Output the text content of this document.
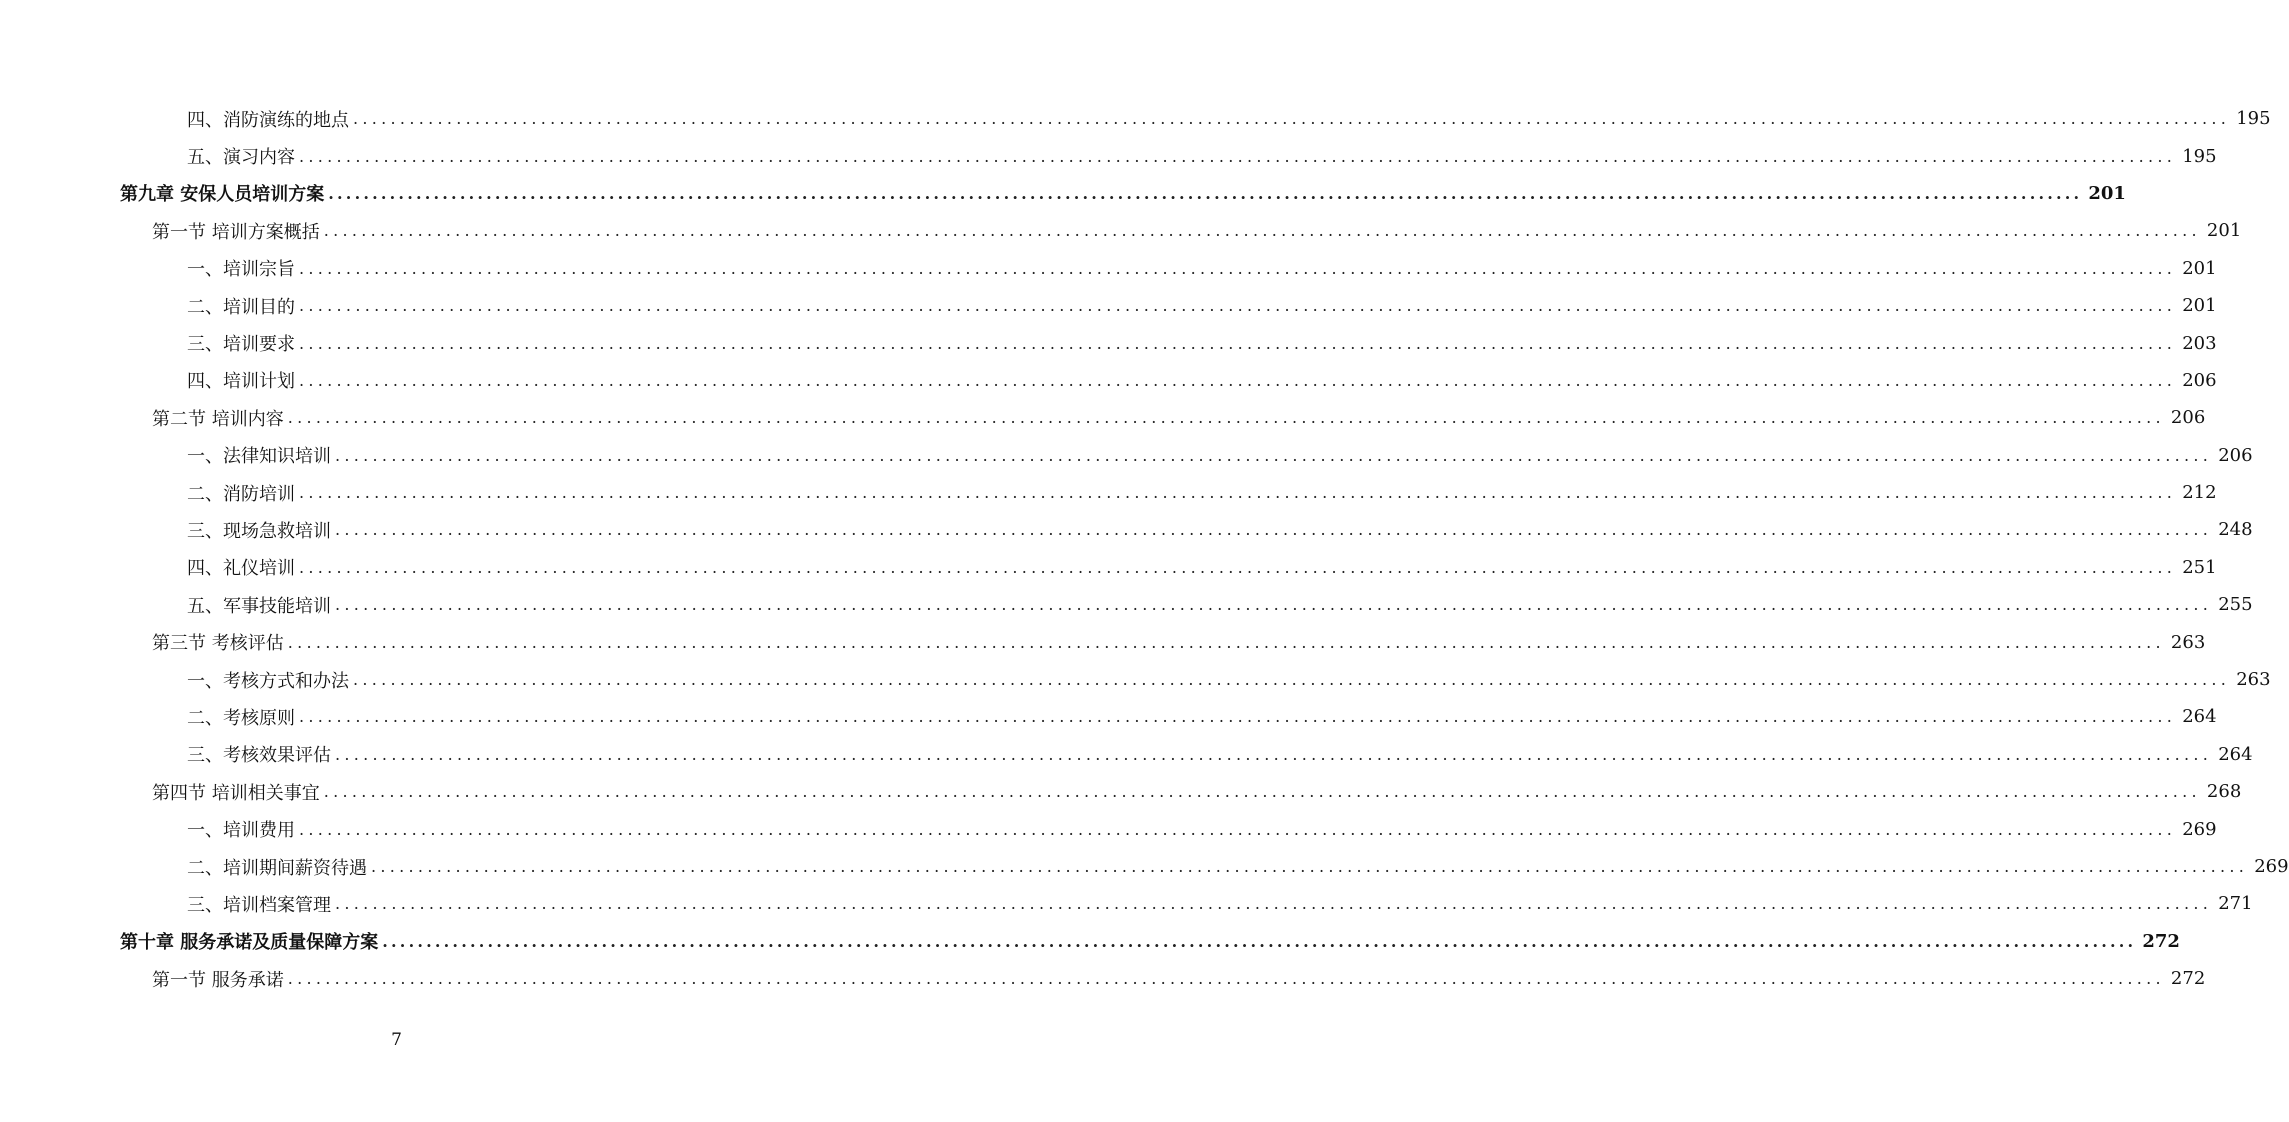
四、消防演练的地点 ........................................................................................................................................................................................................ 195
五、演习内容 ........................................................................................................................................................................................................ 195
第九章 安保人员培训方案 ........................................................................................................................................................................................................ 201
第一节 培训方案概括 ........................................................................................................................................................................................................ 201
一、培训宗旨 ........................................................................................................................................................................................................ 201
二、培训目的 ........................................................................................................................................................................................................ 201
三、培训要求 ........................................................................................................................................................................................................ 203
四、培训计划 ........................................................................................................................................................................................................ 206
第二节 培训内容 ........................................................................................................................................................................................................ 206
一、法律知识培训 ........................................................................................................................................................................................................ 206
二、消防培训 ........................................................................................................................................................................................................ 212
三、现场急救培训 ........................................................................................................................................................................................................ 248
四、礼仪培训 ........................................................................................................................................................................................................ 251
五、军事技能培训 ........................................................................................................................................................................................................ 255
第三节 考核评估 ........................................................................................................................................................................................................ 263
一、考核方式和办法 ........................................................................................................................................................................................................ 263
二、考核原则 ........................................................................................................................................................................................................ 264
三、考核效果评估 ........................................................................................................................................................................................................ 264
第四节 培训相关事宜 ........................................................................................................................................................................................................ 268
一、培训费用 ........................................................................................................................................................................................................ 269
二、培训期间薪资待遇 ........................................................................................................................................................................................................ 269
三、培训档案管理 ........................................................................................................................................................................................................ 271
第十章 服务承诺及质量保障方案 ........................................................................................................................................................................................................ 272
第一节 服务承诺 ........................................................................................................................................................................................................ 272
7
